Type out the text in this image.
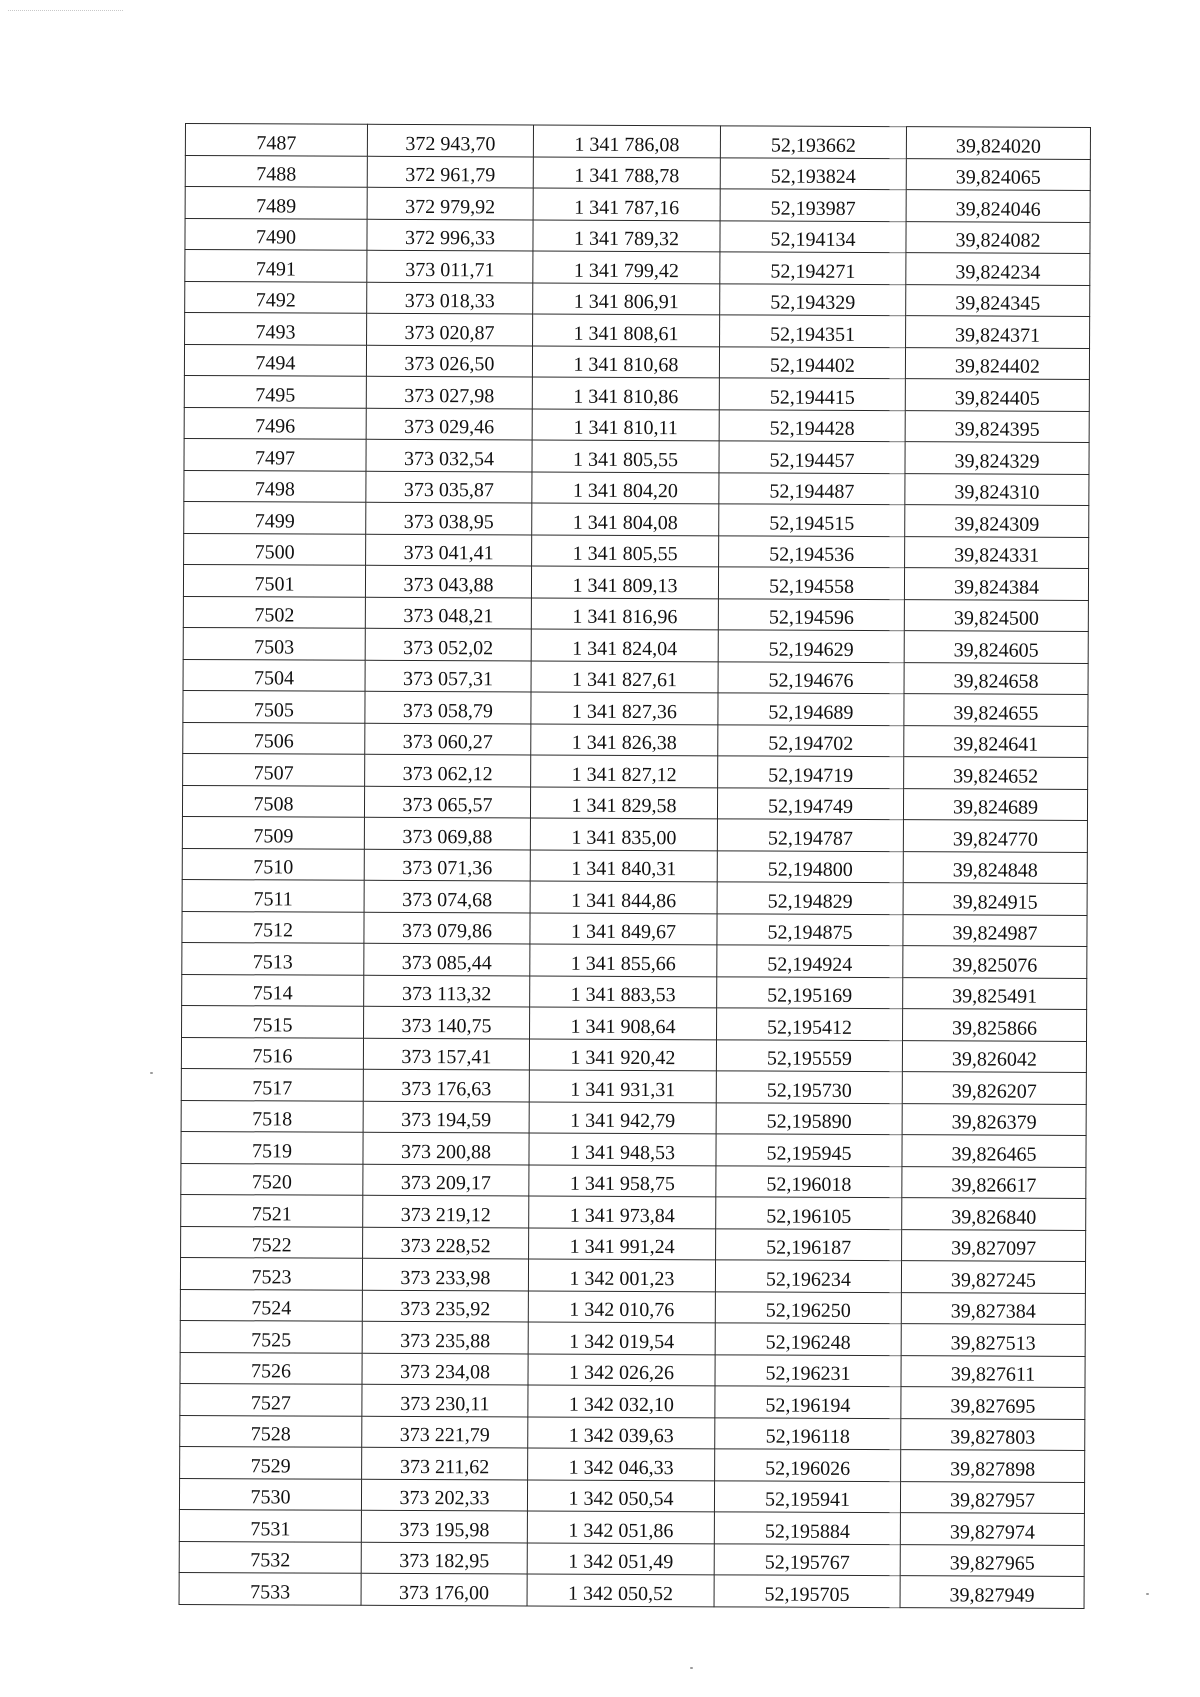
7487	372 943,70	1 341 786,08	52,193662	39,824020
7488	372 961,79	1 341 788,78	52,193824	39,824065
7489	372 979,92	1 341 787,16	52,193987	39,824046
7490	372 996,33	1 341 789,32	52,194134	39,824082
7491	373 011,71	1 341 799,42	52,194271	39,824234
7492	373 018,33	1 341 806,91	52,194329	39,824345
7493	373 020,87	1 341 808,61	52,194351	39,824371
7494	373 026,50	1 341 810,68	52,194402	39,824402
7495	373 027,98	1 341 810,86	52,194415	39,824405
7496	373 029,46	1 341 810,11	52,194428	39,824395
7497	373 032,54	1 341 805,55	52,194457	39,824329
7498	373 035,87	1 341 804,20	52,194487	39,824310
7499	373 038,95	1 341 804,08	52,194515	39,824309
7500	373 041,41	1 341 805,55	52,194536	39,824331
7501	373 043,88	1 341 809,13	52,194558	39,824384
7502	373 048,21	1 341 816,96	52,194596	39,824500
7503	373 052,02	1 341 824,04	52,194629	39,824605
7504	373 057,31	1 341 827,61	52,194676	39,824658
7505	373 058,79	1 341 827,36	52,194689	39,824655
7506	373 060,27	1 341 826,38	52,194702	39,824641
7507	373 062,12	1 341 827,12	52,194719	39,824652
7508	373 065,57	1 341 829,58	52,194749	39,824689
7509	373 069,88	1 341 835,00	52,194787	39,824770
7510	373 071,36	1 341 840,31	52,194800	39,824848
7511	373 074,68	1 341 844,86	52,194829	39,824915
7512	373 079,86	1 341 849,67	52,194875	39,824987
7513	373 085,44	1 341 855,66	52,194924	39,825076
7514	373 113,32	1 341 883,53	52,195169	39,825491
7515	373 140,75	1 341 908,64	52,195412	39,825866
7516	373 157,41	1 341 920,42	52,195559	39,826042
7517	373 176,63	1 341 931,31	52,195730	39,826207
7518	373 194,59	1 341 942,79	52,195890	39,826379
7519	373 200,88	1 341 948,53	52,195945	39,826465
7520	373 209,17	1 341 958,75	52,196018	39,826617
7521	373 219,12	1 341 973,84	52,196105	39,826840
7522	373 228,52	1 341 991,24	52,196187	39,827097
7523	373 233,98	1 342 001,23	52,196234	39,827245
7524	373 235,92	1 342 010,76	52,196250	39,827384
7525	373 235,88	1 342 019,54	52,196248	39,827513
7526	373 234,08	1 342 026,26	52,196231	39,827611
7527	373 230,11	1 342 032,10	52,196194	39,827695
7528	373 221,79	1 342 039,63	52,196118	39,827803
7529	373 211,62	1 342 046,33	52,196026	39,827898
7530	373 202,33	1 342 050,54	52,195941	39,827957
7531	373 195,98	1 342 051,86	52,195884	39,827974
7532	373 182,95	1 342 051,49	52,195767	39,827965
7533	373 176,00	1 342 050,52	52,195705	39,827949
